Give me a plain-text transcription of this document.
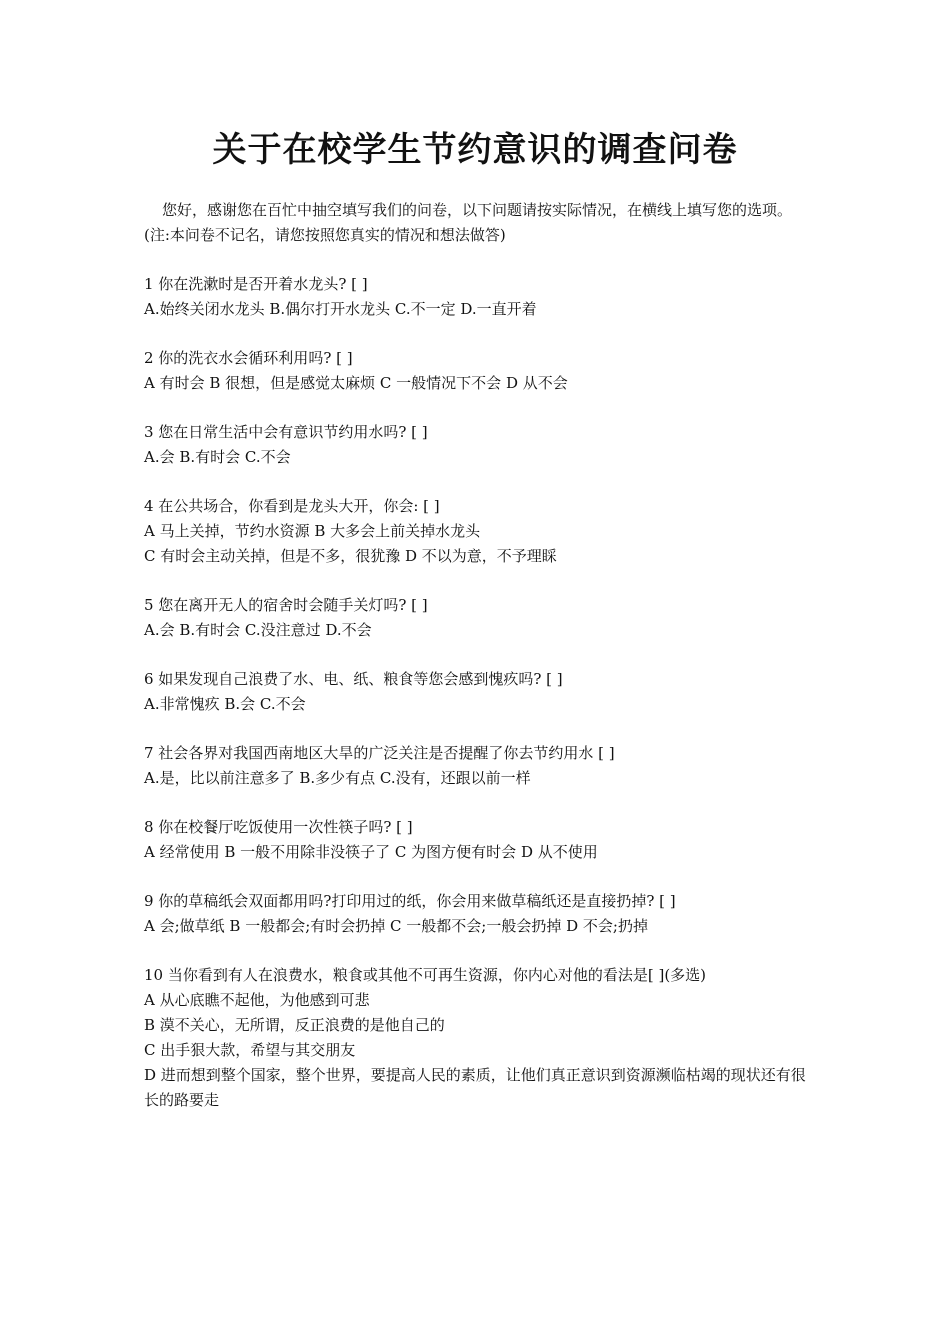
关于在校学生节约意识的调查问卷

您好，感谢您在百忙中抽空填写我们的问卷，以下问题请按实际情况，在横线上填写您的选项。(注:本问卷不记名，请您按照您真实的情况和想法做答)

1 你在洗漱时是否开着水龙头? [ ]
A.始终关闭水龙头 B.偶尔打开水龙头 C.不一定 D.一直开着
2 你的洗衣水会循环利用吗? [ ]
A 有时会 B 很想，但是感觉太麻烦 C 一般情况下不会 D 从不会
3 您在日常生活中会有意识节约用水吗? [ ]
A.会 B.有时会 C.不会
4 在公共场合，你看到是龙头大开，你会: [ ]
A 马上关掉，节约水资源 B 大多会上前关掉水龙头
C 有时会主动关掉，但是不多，很犹豫 D 不以为意，不予理睬
5 您在离开无人的宿舍时会随手关灯吗? [ ]
A.会 B.有时会 C.没注意过 D.不会
6 如果发现自己浪费了水、电、纸、粮食等您会感到愧疚吗? [ ]
A.非常愧疚 B.会 C.不会
7 社会各界对我国西南地区大旱的广泛关注是否提醒了你去节约用水 [ ]
A.是，比以前注意多了 B.多少有点 C.没有，还跟以前一样
8 你在校餐厅吃饭使用一次性筷子吗? [ ]
A 经常使用 B 一般不用除非没筷子了 C 为图方便有时会 D 从不使用
9 你的草稿纸会双面都用吗?打印用过的纸，你会用来做草稿纸还是直接扔掉? [ ]
A 会;做草纸 B 一般都会;有时会扔掉 C 一般都不会;一般会扔掉 D 不会;扔掉
10 当你看到有人在浪费水，粮食或其他不可再生资源，你内心对他的看法是[ ](多选)
A 从心底瞧不起他，为他感到可悲
B 漠不关心，无所谓，反正浪费的是他自己的
C 出手狠大款，希望与其交朋友
D 进而想到整个国家，整个世界，要提高人民的素质，让他们真正意识到资源濒临枯竭的现状还有很长的路要走
